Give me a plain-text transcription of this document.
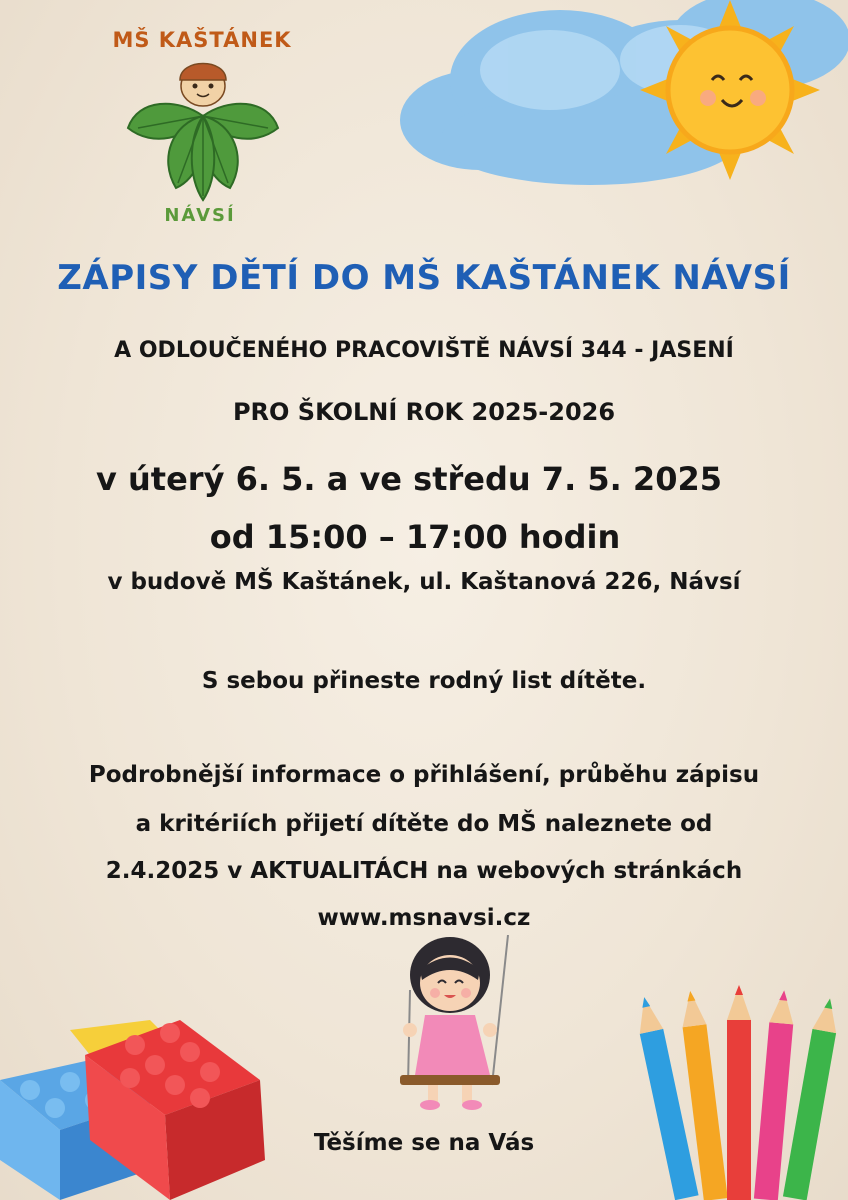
MŠ KAŠTÁNEK
NÁVSÍ
ZÁPISY DĚTÍ DO MŠ KAŠTÁNEK NÁVSÍ
A ODLOUČENÉHO PRACOVIŠTĚ NÁVSÍ 344 - JASENÍ
PRO ŠKOLNÍ ROK 2025-2026
v úterý 6. 5. a ve středu 7. 5. 2025
od 15:00 – 17:00 hodin
v budově MŠ Kaštánek, ul. Kaštanová 226, Návsí
S sebou přineste rodný list dítěte.
Podrobnější informace o přihlášení, průběhu zápisu
a kritériích přijetí dítěte do MŠ naleznete od
2.4.2025 v AKTUALITÁCH na webových stránkách
www.msnavsi.cz
Těšíme se na Vás
